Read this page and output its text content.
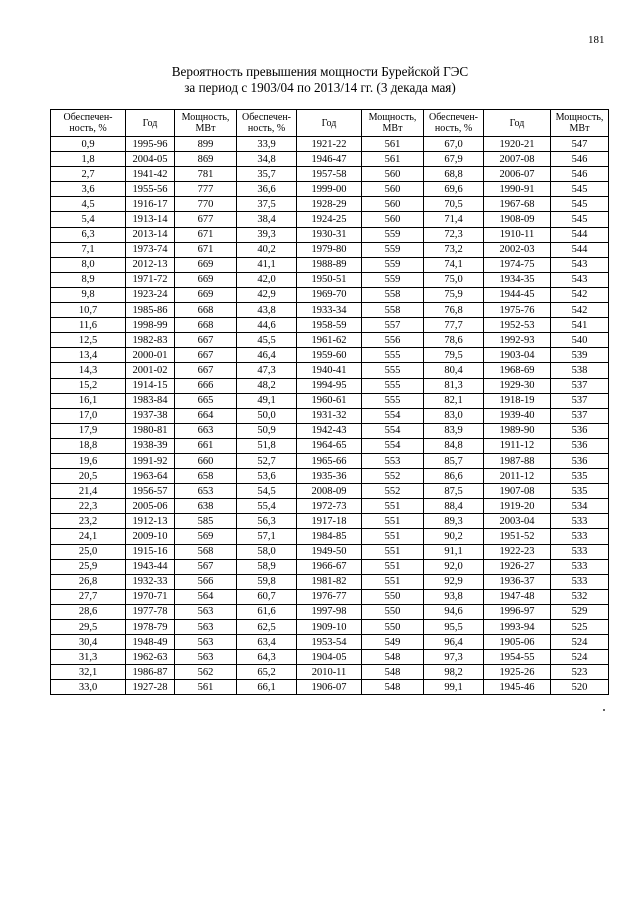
181
Вероятность превышения мощности Бурейской ГЭС
за период с 1903/04 по 2013/14 гг. (3 декада мая)
Обеспечен-ность, %	Год	Мощность, МВт	Обеспечен-ность, %	Год	Мощность, МВт	Обеспечен-ность, %	Год	Мощность, МВт
0,9	1995-96	899	33,9	1921-22	561	67,0	1920-21	547
1,8	2004-05	869	34,8	1946-47	561	67,9	2007-08	546
2,7	1941-42	781	35,7	1957-58	560	68,8	2006-07	546
3,6	1955-56	777	36,6	1999-00	560	69,6	1990-91	545
4,5	1916-17	770	37,5	1928-29	560	70,5	1967-68	545
5,4	1913-14	677	38,4	1924-25	560	71,4	1908-09	545
6,3	2013-14	671	39,3	1930-31	559	72,3	1910-11	544
7,1	1973-74	671	40,2	1979-80	559	73,2	2002-03	544
8,0	2012-13	669	41,1	1988-89	559	74,1	1974-75	543
8,9	1971-72	669	42,0	1950-51	559	75,0	1934-35	543
9,8	1923-24	669	42,9	1969-70	558	75,9	1944-45	542
10,7	1985-86	668	43,8	1933-34	558	76,8	1975-76	542
11,6	1998-99	668	44,6	1958-59	557	77,7	1952-53	541
12,5	1982-83	667	45,5	1961-62	556	78,6	1992-93	540
13,4	2000-01	667	46,4	1959-60	555	79,5	1903-04	539
14,3	2001-02	667	47,3	1940-41	555	80,4	1968-69	538
15,2	1914-15	666	48,2	1994-95	555	81,3	1929-30	537
16,1	1983-84	665	49,1	1960-61	555	82,1	1918-19	537
17,0	1937-38	664	50,0	1931-32	554	83,0	1939-40	537
17,9	1980-81	663	50,9	1942-43	554	83,9	1989-90	536
18,8	1938-39	661	51,8	1964-65	554	84,8	1911-12	536
19,6	1991-92	660	52,7	1965-66	553	85,7	1987-88	536
20,5	1963-64	658	53,6	1935-36	552	86,6	2011-12	535
21,4	1956-57	653	54,5	2008-09	552	87,5	1907-08	535
22,3	2005-06	638	55,4	1972-73	551	88,4	1919-20	534
23,2	1912-13	585	56,3	1917-18	551	89,3	2003-04	533
24,1	2009-10	569	57,1	1984-85	551	90,2	1951-52	533
25,0	1915-16	568	58,0	1949-50	551	91,1	1922-23	533
25,9	1943-44	567	58,9	1966-67	551	92,0	1926-27	533
26,8	1932-33	566	59,8	1981-82	551	92,9	1936-37	533
27,7	1970-71	564	60,7	1976-77	550	93,8	1947-48	532
28,6	1977-78	563	61,6	1997-98	550	94,6	1996-97	529
29,5	1978-79	563	62,5	1909-10	550	95,5	1993-94	525
30,4	1948-49	563	63,4	1953-54	549	96,4	1905-06	524
31,3	1962-63	563	64,3	1904-05	548	97,3	1954-55	524
32,1	1986-87	562	65,2	2010-11	548	98,2	1925-26	523
33,0	1927-28	561	66,1	1906-07	548	99,1	1945-46	520
